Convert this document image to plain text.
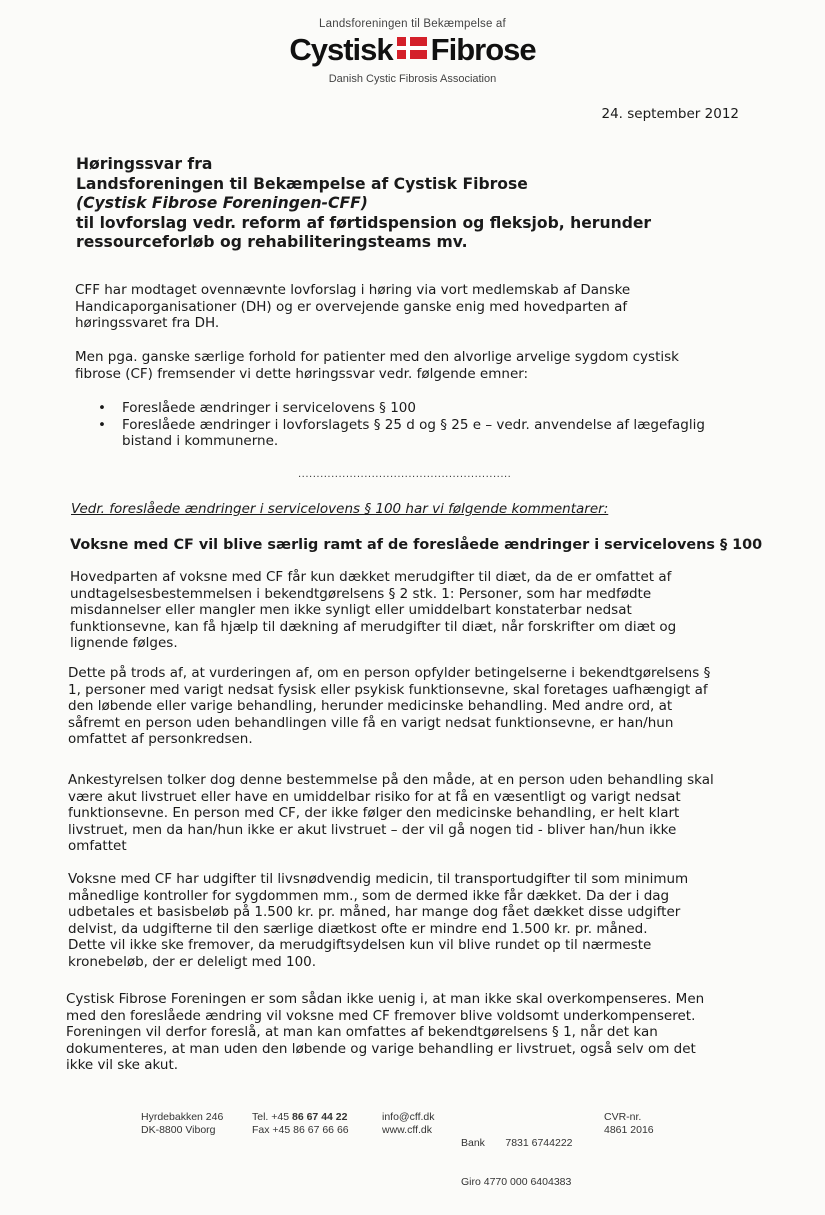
Landsforeningen til Bekæmpelse af
Cystisk Fibrose
Danish Cystic Fibrosis Association
24. september 2012
Høringssvar fra
Landsforeningen til Bekæmpelse af Cystisk Fibrose
(Cystisk Fibrose Foreningen-CFF)
til lovforslag vedr. reform af førtidspension og fleksjob, herunder
ressourceforløb og rehabiliteringsteams mv.
CFF har modtaget ovennævnte lovforslag i høring via vort medlemskab af Danske
Handicaporganisationer (DH) og er overvejende ganske enig med hovedparten af
høringssvaret fra DH.
Men pga. ganske særlige forhold for patienter med den alvorlige arvelige sygdom cystisk
fibrose (CF) fremsender vi dette høringssvar vedr. følgende emner:
• Foreslåede ændringer i servicelovens § 100
• Foreslåede ændringer i lovforslagets § 25 d og § 25 e – vedr. anvendelse af lægefaglig
bistand i kommunerne.
..........................................................
Vedr. foreslåede ændringer i servicelovens § 100 har vi følgende kommentarer:
Voksne med CF vil blive særlig ramt af de foreslåede ændringer i servicelovens § 100
Hovedparten af voksne med CF får kun dækket merudgifter til diæt, da de er omfattet af
undtagelsesbestemmelsen i bekendtgørelsens § 2 stk. 1: Personer, som har medfødte
misdannelser eller mangler men ikke synligt eller umiddelbart konstaterbar nedsat
funktionsevne, kan få hjælp til dækning af merudgifter til diæt, når forskrifter om diæt og
lignende følges.
Dette på trods af, at vurderingen af, om en person opfylder betingelserne i bekendtgørelsens §
1, personer med varigt nedsat fysisk eller psykisk funktionsevne, skal foretages uafhængigt af
den løbende eller varige behandling, herunder medicinske behandling. Med andre ord, at
såfremt en person uden behandlingen ville få en varigt nedsat funktionsevne, er han/hun
omfattet af personkredsen.
Ankestyrelsen tolker dog denne bestemmelse på den måde, at en person uden behandling skal
være akut livstruet eller have en umiddelbar risiko for at få en væsentligt og varigt nedsat
funktionsevne. En person med CF, der ikke følger den medicinske behandling, er helt klart
livstruet, men da han/hun ikke er akut livstruet – der vil gå nogen tid - bliver han/hun ikke
omfattet
Voksne med CF har udgifter til livsnødvendig medicin, til transportudgifter til som minimum
månedlige kontroller for sygdommen mm., som de dermed ikke får dækket. Da der i dag
udbetales et basisbeløb på 1.500 kr. pr. måned, har mange dog fået dækket disse udgifter
delvist, da udgifterne til den særlige diætkost ofte er mindre end 1.500 kr. pr. måned.
Dette vil ikke ske fremover, da merudgiftsydelsen kun vil blive rundet op til nærmeste
kronebeløb, der er deleligt med 100.
Cystisk Fibrose Foreningen er som sådan ikke uenig i, at man ikke skal overkompenseres. Men
med den foreslåede ændring vil voksne med CF fremover blive voldsomt underkompenseret.
Foreningen vil derfor foreslå, at man kan omfattes af bekendtgørelsens § 1, når det kan
dokumenteres, at man uden den løbende og varige behandling er livstruet, også selv om det
ikke vil ske akut.
Hyrdebakken 246
DK-8800 Viborg
Tel. +45 86 67 44 22
Fax +45 86 67 66 66
info@cff.dk
www.cff.dk

Bank       7831 6744222

Giro 4770 000 6404383

CVR-nr.
4861 2016
